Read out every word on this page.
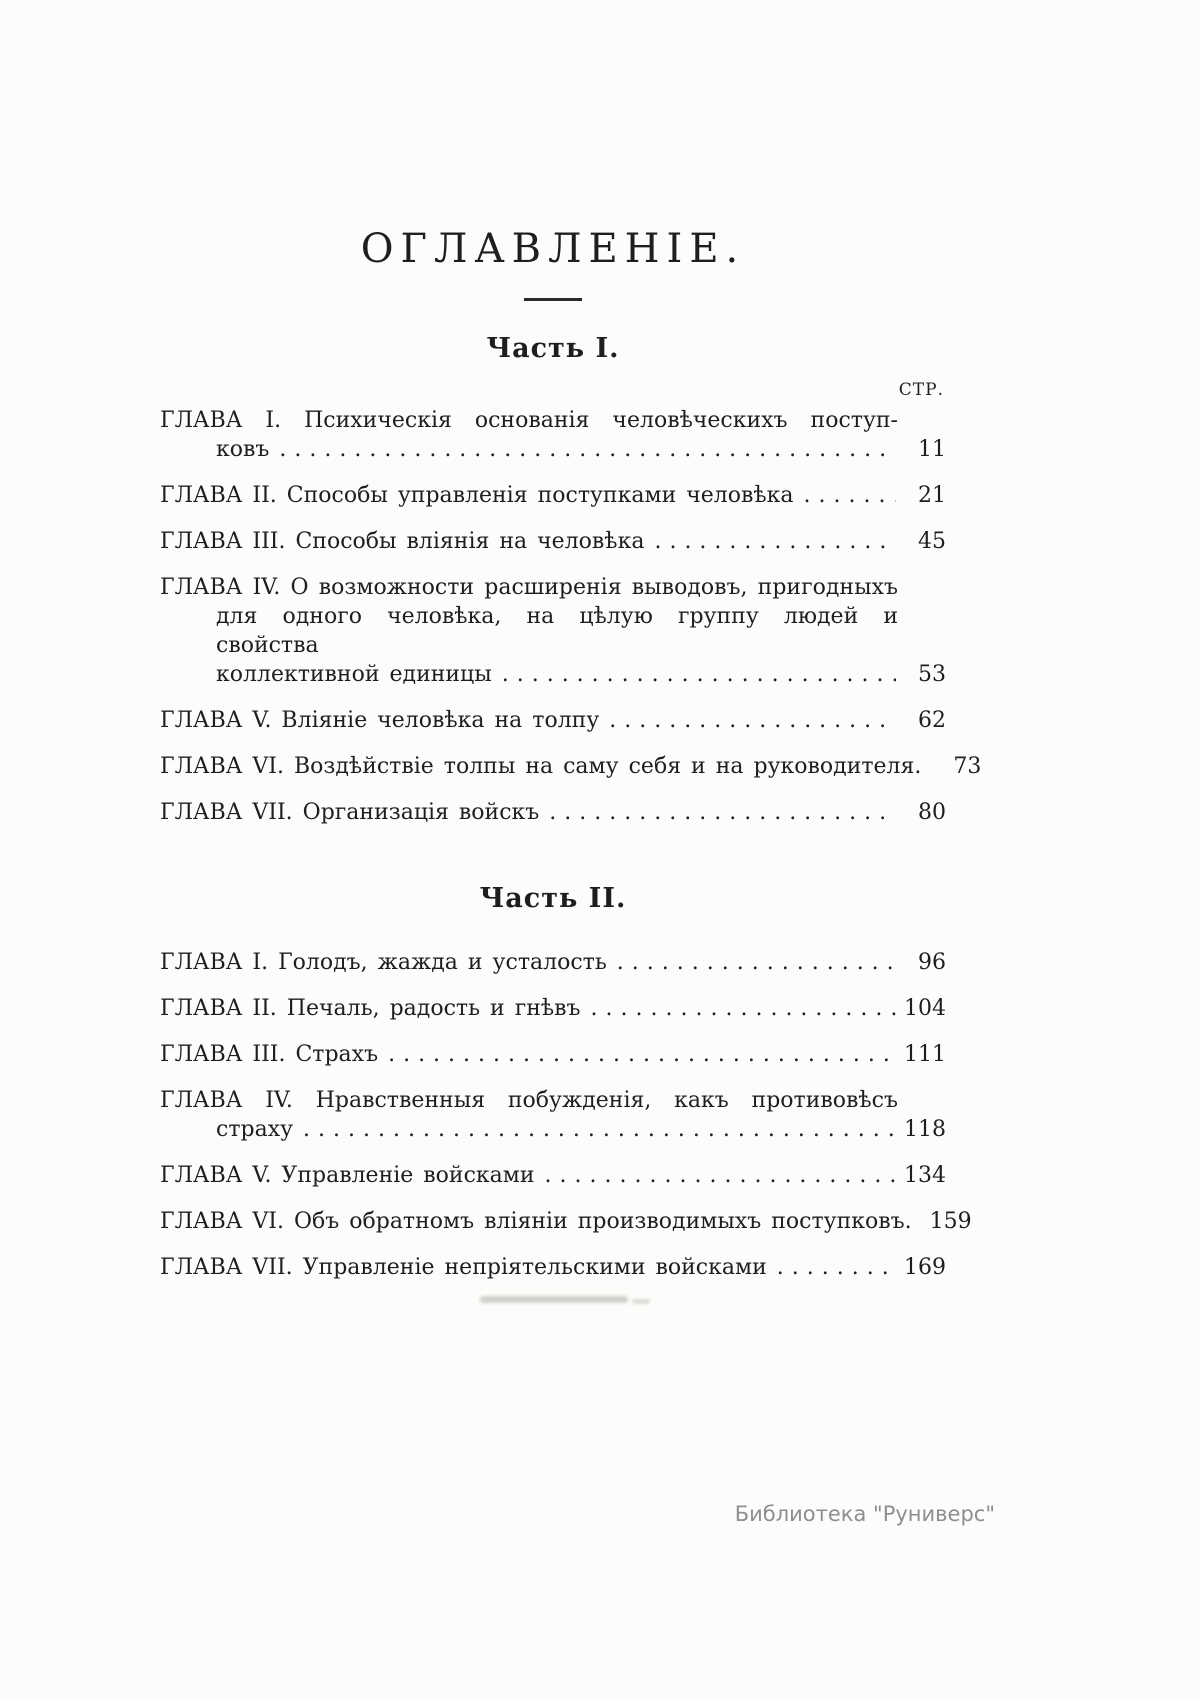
ОГЛАВЛЕНІЕ.
Часть I.
СТР.
ГЛАВА I. Психическія основанія человѣческихъ поступ-
ковъ .....	11
ГЛАВА II. Способы управленія поступками человѣка .....	21
ГЛАВА III. Способы вліянія на человѣка .....	45
ГЛАВА IV. О возможности расширенія выводовъ, пригодныхъ
для одного человѣка, на цѣлую группу людей и свойства
коллективной единицы .....	53
ГЛАВА V. Вліяніе человѣка на толпу .....	62
ГЛАВА VI. Воздѣйствіе толпы на саму себя и на руководителя.	73
ГЛАВА VII. Организація войскъ .....	80
Часть II.
ГЛАВА I. Голодъ, жажда и усталость .....	96
ГЛАВА II. Печаль, радость и гнѣвъ .....	104
ГЛАВА III. Страхъ .....	111
ГЛАВА IV. Нравственныя побужденія, какъ противовѣсъ
страху .....	118
ГЛАВА V. Управленіе войсками .....	134
ГЛАВА VI. Объ обратномъ вліяніи производимыхъ поступковъ. 159
ГЛАВА VII. Управленіе непріятельскими войсками .....	169
Библиотека "Руниверс"
